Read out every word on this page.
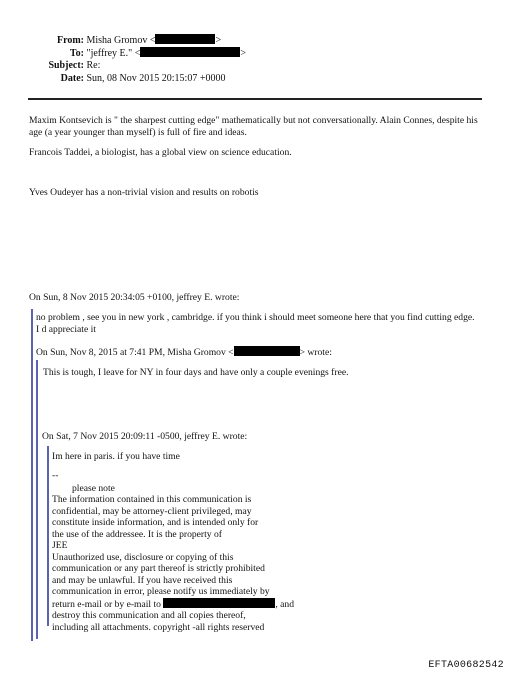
From: Misha Gromov <	>
To: "jeffrey E." <	>
Subject: Re:
Date: Sun, 08 Nov 2015 20:15:07 +0000
Maxim Kontsevich is " the sharpest cutting edge" mathematically but not conversationally. Alain Connes, despite his age (a year younger than myself) is full of fire and ideas.
Francois Taddei, a biologist, has a global view on science education.
Yves Oudeyer has a non-trivial vision and results on robotis
On Sun, 8 Nov 2015 20:34:05 +0100, jeffrey E. wrote:
no problem , see you in new york , cambridge. if you think i should meet someone here that you find cutting edge. I d appreciate it
On Sun, Nov 8, 2015 at 7:41 PM, Misha Gromov <	> wrote:
This is tough, I leave for NY in four days and have only a couple evenings free.
On Sat, 7 Nov 2015 20:09:11 -0500, jeffrey E. wrote:
Im here in paris. if you have time
--
please note
The information contained in this communication is
confidential, may be attorney-client privileged, may
constitute inside information, and is intended only for
the use of the addressee. It is the property of
JEE
Unauthorized use, disclosure or copying of this
communication or any part thereof is strictly prohibited
and may be unlawful. If you have received this
communication in error, please notify us immediately by
return e-mail or by e-mail to	, and
destroy this communication and all copies thereof,
including all attachments. copyright -all rights reserved
EFTA00682542
